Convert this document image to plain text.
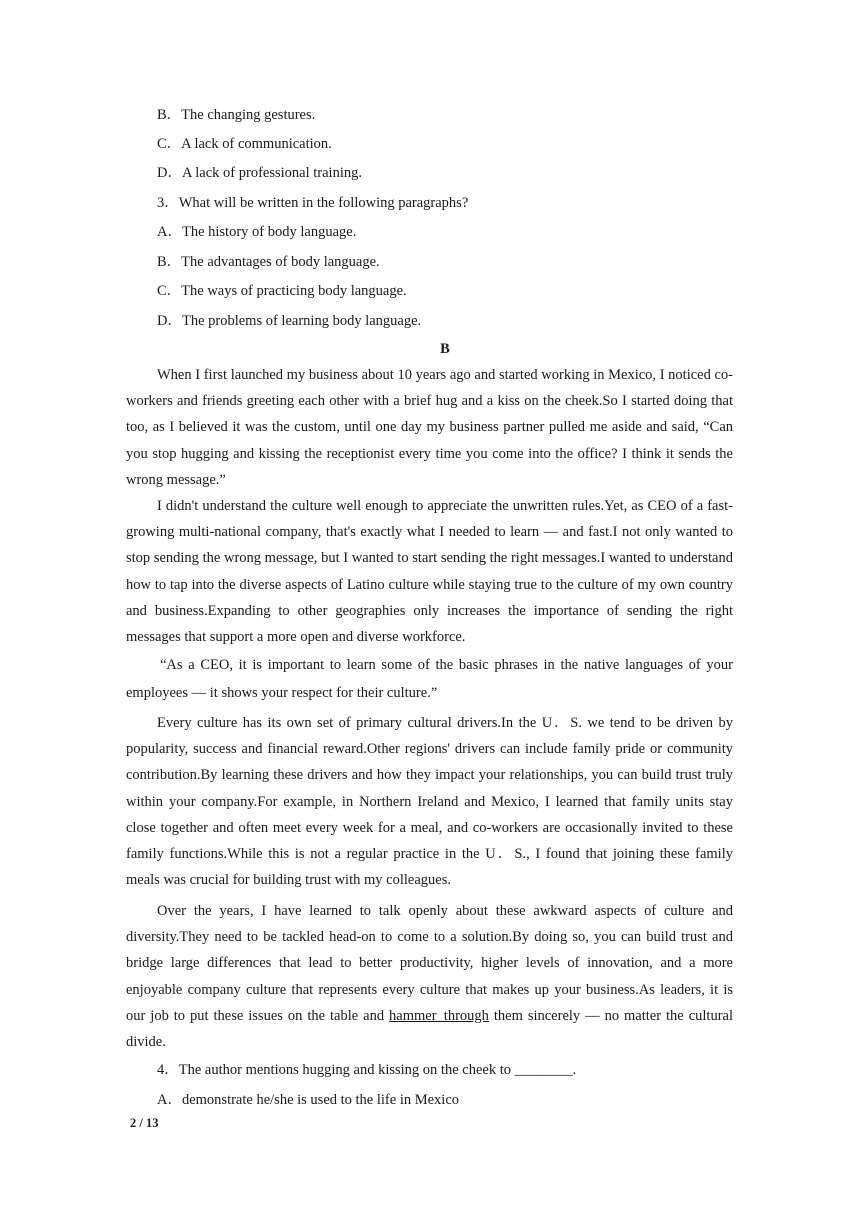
B．The changing gestures.
C．A lack of communication.
D．A lack of professional training.
3．What will be written in the following paragraphs?
A．The history of body language.
B．The advantages of body language.
C．The ways of practicing body language.
D．The problems of learning body language.
B
When I first launched my business about 10 years ago and started working in Mexico, I noticed co-workers and friends greeting each other with a brief hug and a kiss on the cheek.So I started doing that too, as I believed it was the custom, until one day my business partner pulled me aside and said, “Can you stop hugging and kissing the receptionist every time you come into the office? I think it sends the wrong message.”
I didn't understand the culture well enough to appreciate the unwritten rules.Yet, as CEO of a fast-growing multi-national company, that's exactly what I needed to learn — and fast.I not only wanted to stop sending the wrong message, but I wanted to start sending the right messages.I wanted to understand how to tap into the diverse aspects of Latino culture while staying true to the culture of my own country and business.Expanding to other geographies only increases the importance of sending the right messages that support a more open and diverse workforce.
“As a CEO, it is important to learn some of the basic phrases in the native languages of your employees — it shows your respect for their culture.”
Every culture has its own set of primary cultural drivers.In the U．S. we tend to be driven by popularity, success and financial reward.Other regions' drivers can include family pride or community contribution.By learning these drivers and how they impact your relationships, you can build trust truly within your company.For example, in Northern Ireland and Mexico, I learned that family units stay close together and often meet every week for a meal, and co-workers are occasionally invited to these family functions.While this is not a regular practice in the U．S., I found that joining these family meals was crucial for building trust with my colleagues.
Over the years, I have learned to talk openly about these awkward aspects of culture and diversity.They need to be tackled head-on to come to a solution.By doing so, you can build trust and bridge large differences that lead to better productivity, higher levels of innovation, and a more enjoyable company culture that represents every culture that makes up your business.As leaders, it is our job to put these issues on the table and hammer_through them sincerely — no matter the cultural divide.
4．The author mentions hugging and kissing on the cheek to ________.
A．demonstrate he/she is used to the life in Mexico
2 / 13
